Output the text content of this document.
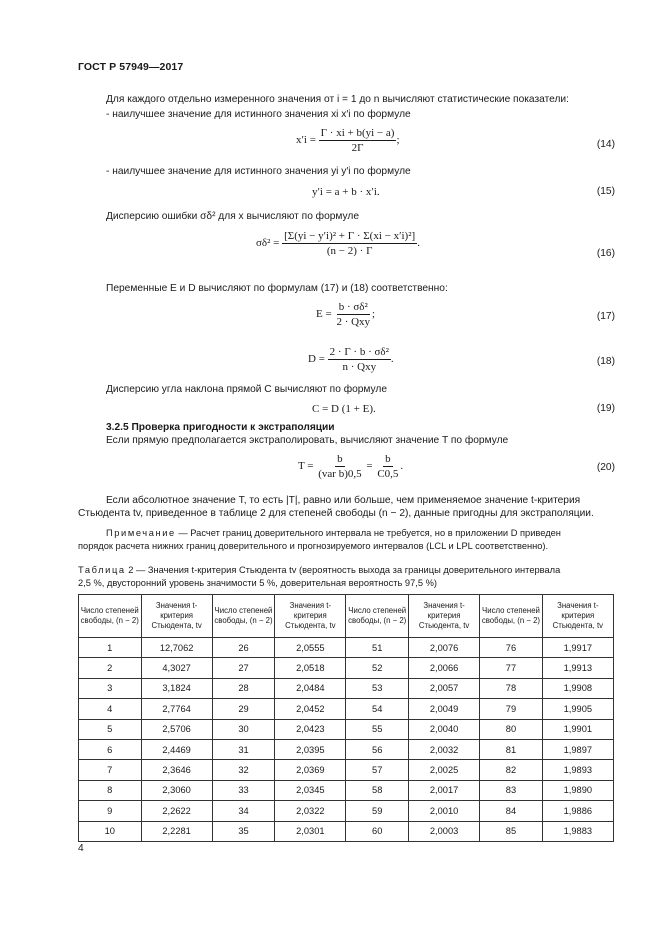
ГОСТ Р 57949—2017
Для каждого отдельно измеренного значения от i = 1 до n вычисляют статистические показатели:
- наилучшее значение для истинного значения xi x′i по формуле
$x'i = \frac{\Gamma \cdot xi + b(yi - a)}{2\Gamma}$ ;	(14)
- наилучшее значение для истинного значения yi y′i по формуле
y′i = a + b · x′i.	(15)
Дисперсию ошибки σδ² для x вычисляют по формуле
$\sigma\delta^2 = \frac{\text{[Σ(yi − y′i)² + Γ · Σ(xi − x′i)²]}}{(n - 2) \cdot \Gamma}$ .
(16)
Переменные E и D вычисляют по формулам (17) и (18) соответственно:
$E = \frac{\text{b · σδ²}}{\text{2 · Qxy}}$ ;	(17)
$D = \frac{\text{2 · Γ · b · σδ²}}{\text{n · Qxy}}$ .	(18)
Дисперсию угла наклона прямой C вычисляют по формуле
C = D (1 + E).	(19)
3.2.5 Проверка пригодности к экстраполяции
Если прямую предполагается экстраполировать, вычисляют значение T по формуле
$T = \frac{b}{\text{(var b)0,5}} = \frac{b}{C0,5}$ .	(20)
Если абсолютное значение T, то есть |T|, равно или больше, чем применяемое значение t-критерия
Стьюдента tv, приведенное в таблице 2 для степеней свободы (n − 2), данные пригодны для экстраполяции.
Примечание — Расчет границ доверительного интервала не требуется, но в приложении D приведен
порядок расчета нижних границ доверительного и прогнозируемого интервалов (LCL и LPL соответственно).
Таблица 2 — Значения t-критерия Стьюдента tv (вероятность выхода за границы доверительного интервала
2,5 %, двусторонний уровень значимости 5 %, доверительная вероятность 97,5 %)
Число степеней свободы, (n − 2)	Значения t-критерия Стьюдента, tv	Число степеней свободы, (n − 2)	Значения t-критерия Стьюдента, tv	Число степеней свободы, (n − 2)	Значения t-критерия Стьюдента, tv	Число степеней свободы, (n − 2)	Значения t-критерия Стьюдента, tv
1	12,7062	26	2,0555	51	2,0076	76	1,9917
2	4,3027	27	2,0518	52	2,0066	77	1,9913
3	3,1824	28	2,0484	53	2,0057	78	1,9908
4	2,7764	29	2,0452	54	2,0049	79	1,9905
5	2,5706	30	2,0423	55	2,0040	80	1,9901
6	2,4469	31	2,0395	56	2,0032	81	1,9897
7	2,3646	32	2,0369	57	2,0025	82	1,9893
8	2,3060	33	2,0345	58	2,0017	83	1,9890
9	2,2622	34	2,0322	59	2,0010	84	1,9886
10	2,2281	35	2,0301	60	2,0003	85	1,9883
4
